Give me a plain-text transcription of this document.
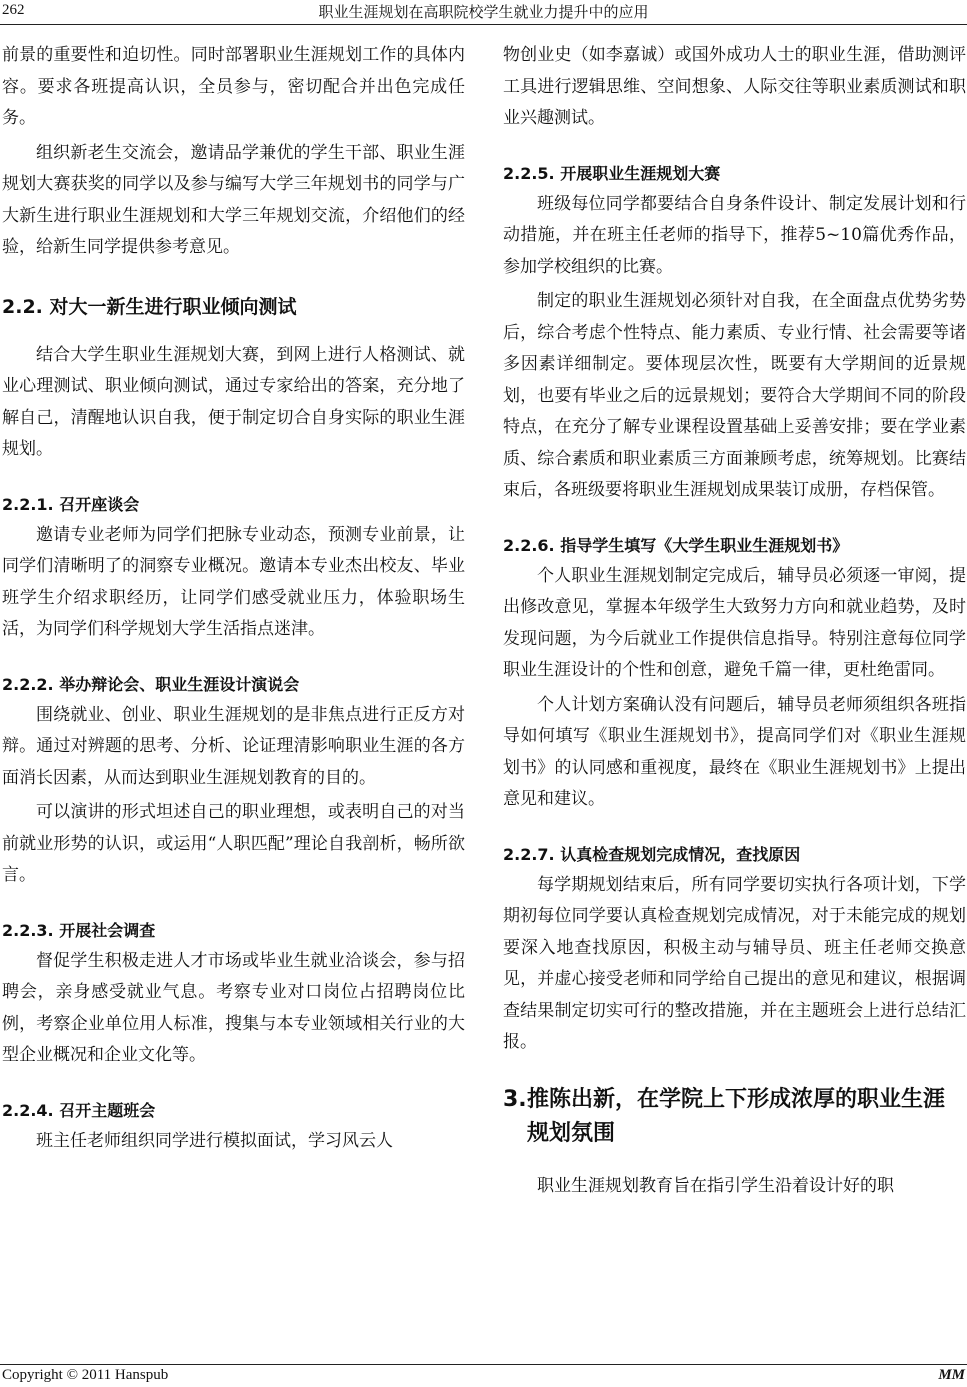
262	职业生涯规划在高职院校学生就业力提升中的应用

前景的重要性和迫切性。同时部署职业生涯规划工作的具体内容。要求各班提高认识，全员参与，密切配合并出色完成任务。

组织新老生交流会，邀请品学兼优的学生干部、职业生涯规划大赛获奖的同学以及参与编写大学三年规划书的同学与广大新生进行职业生涯规划和大学三年规划交流，介绍他们的经验，给新生同学提供参考意见。

2.2. 对大一新生进行职业倾向测试

结合大学生职业生涯规划大赛，到网上进行人格测试、就业心理测试、职业倾向测试，通过专家给出的答案，充分地了解自己，清醒地认识自我，便于制定切合自身实际的职业生涯规划。

2.2.1. 召开座谈会

邀请专业老师为同学们把脉专业动态，预测专业前景，让同学们清晰明了的洞察专业概况。邀请本专业杰出校友、毕业班学生介绍求职经历，让同学们感受就业压力，体验职场生活，为同学们科学规划大学生活指点迷津。

2.2.2. 举办辩论会、职业生涯设计演说会

围绕就业、创业、职业生涯规划的是非焦点进行正反方对辩。通过对辨题的思考、分析、论证理清影响职业生涯的各方面消长因素，从而达到职业生涯规划教育的目的。

可以演讲的形式坦述自己的职业理想，或表明自己的对当前就业形势的认识，或运用“人职匹配”理论自我剖析，畅所欲言。

2.2.3. 开展社会调查

督促学生积极走进人才市场或毕业生就业洽谈会，参与招聘会，亲身感受就业气息。考察专业对口岗位占招聘岗位比例，考察企业单位用人标准，搜集与本专业领域相关行业的大型企业概况和企业文化等。

2.2.4. 召开主题班会

班主任老师组织同学进行模拟面试，学习风云人

物创业史（如李嘉诚）或国外成功人士的职业生涯，借助测评工具进行逻辑思维、空间想象、人际交往等职业素质测试和职业兴趣测试。

2.2.5. 开展职业生涯规划大赛

班级每位同学都要结合自身条件设计、制定发展计划和行动措施，并在班主任老师的指导下，推荐5~10篇优秀作品，参加学校组织的比赛。

制定的职业生涯规划必须针对自我，在全面盘点优势劣势后，综合考虑个性特点、能力素质、专业行情、社会需要等诸多因素详细制定。要体现层次性，既要有大学期间的近景规划，也要有毕业之后的远景规划；要符合大学期间不同的阶段特点，在充分了解专业课程设置基础上妥善安排；要在学业素质、综合素质和职业素质三方面兼顾考虑，统筹规划。比赛结束后，各班级要将职业生涯规划成果装订成册，存档保管。

2.2.6. 指导学生填写《大学生职业生涯规划书》

个人职业生涯规划制定完成后，辅导员必须逐一审阅，提出修改意见，掌握本年级学生大致努力方向和就业趋势，及时发现问题，为今后就业工作提供信息指导。特别注意每位同学职业生涯设计的个性和创意，避免千篇一律，更杜绝雷同。

个人计划方案确认没有问题后，辅导员老师须组织各班指导如何填写《职业生涯规划书》，提高同学们对《职业生涯规划书》的认同感和重视度，最终在《职业生涯规划书》上提出意见和建议。

2.2.7. 认真检查规划完成情况，查找原因

每学期规划结束后，所有同学要切实执行各项计划，下学期初每位同学要认真检查规划完成情况，对于未能完成的规划要深入地查找原因，积极主动与辅导员、班主任老师交换意见，并虚心接受老师和同学给自己提出的意见和建议，根据调查结果制定切实可行的整改措施，并在主题班会上进行总结汇报。

3. 推陈出新，在学院上下形成浓厚的职业生涯规划氛围

职业生涯规划教育旨在指引学生沿着设计好的职

Copyright © 2011 Hanspub	MM
